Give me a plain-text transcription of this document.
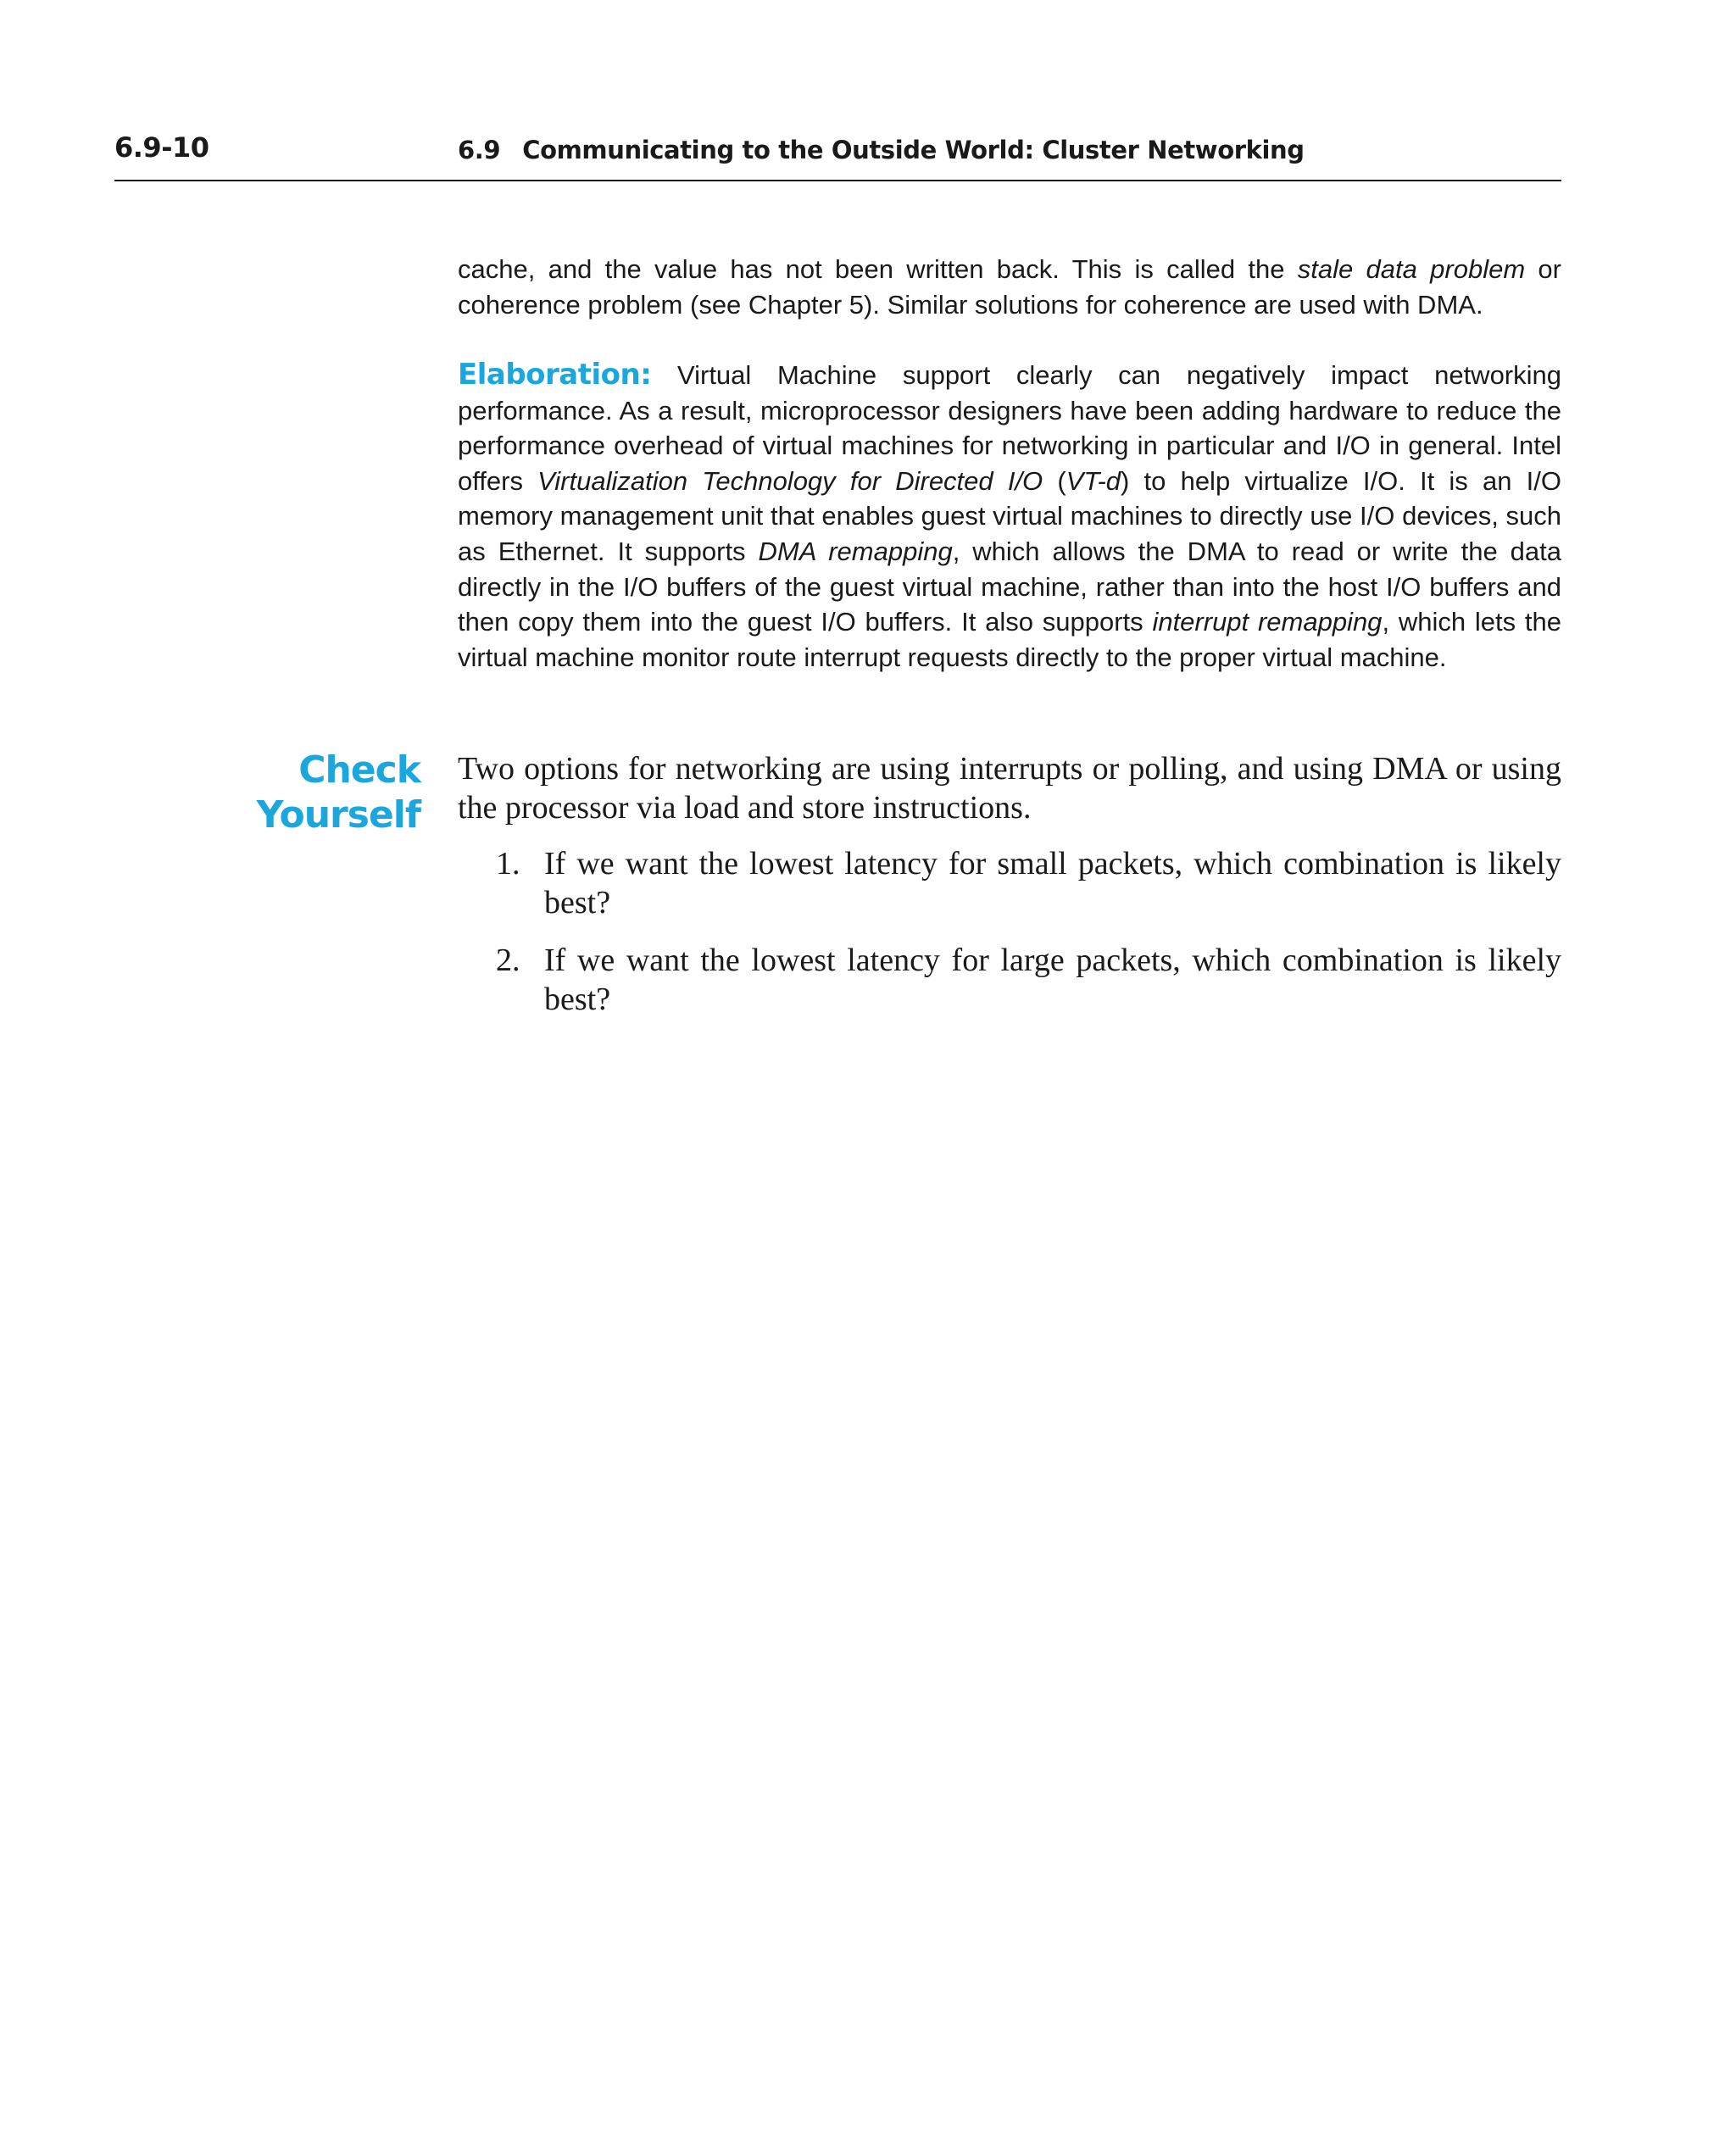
6.9-10	6.9 Communicating to the Outside World: Cluster Networking

cache, and the value has not been written back. This is called the stale data problem or coherence problem (see Chapter 5). Similar solutions for coherence are used with DMA.

Elaboration: Virtual Machine support clearly can negatively impact networking performance. As a result, microprocessor designers have been adding hardware to reduce the performance overhead of virtual machines for networking in particular and I/O in general. Intel offers Virtualization Technology for Directed I/O (VT-d) to help virtualize I/O. It is an I/O memory management unit that enables guest virtual machines to directly use I/O devices, such as Ethernet. It supports DMA remapping, which allows the DMA to read or write the data directly in the I/O buffers of the guest virtual machine, rather than into the host I/O buffers and then copy them into the guest I/O buffers. It also supports interrupt remapping, which lets the virtual machine monitor route interrupt requests directly to the proper virtual machine.

Check
Yourself

Two options for networking are using interrupts or polling, and using DMA or using the processor via load and store instructions.

1. If we want the lowest latency for small packets, which combination is likely best?
2. If we want the lowest latency for large packets, which combination is likely best?
